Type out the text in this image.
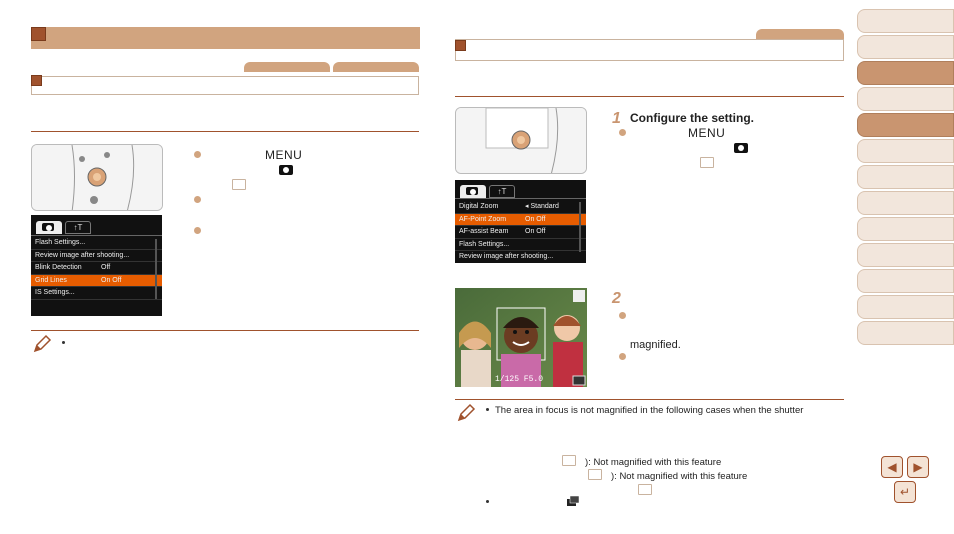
MENU
↑Τ
Flash Settings...
Review image after shooting...
Blink Detection	Off
Grid Lines	On Off
IS Settings...
1 Configure the setting.
MENU
↑Τ
Digital Zoom	◂ Standard
AF-Point Zoom	On Off
AF-assist Beam On Off
Flash Settings...
Review image after shooting...
1/125 F5.0
2
magnified.
The area in focus is not magnified in the following cases when the shutter
): Not magnified with this feature
): Not magnified with this feature
◀ ▶
↵
